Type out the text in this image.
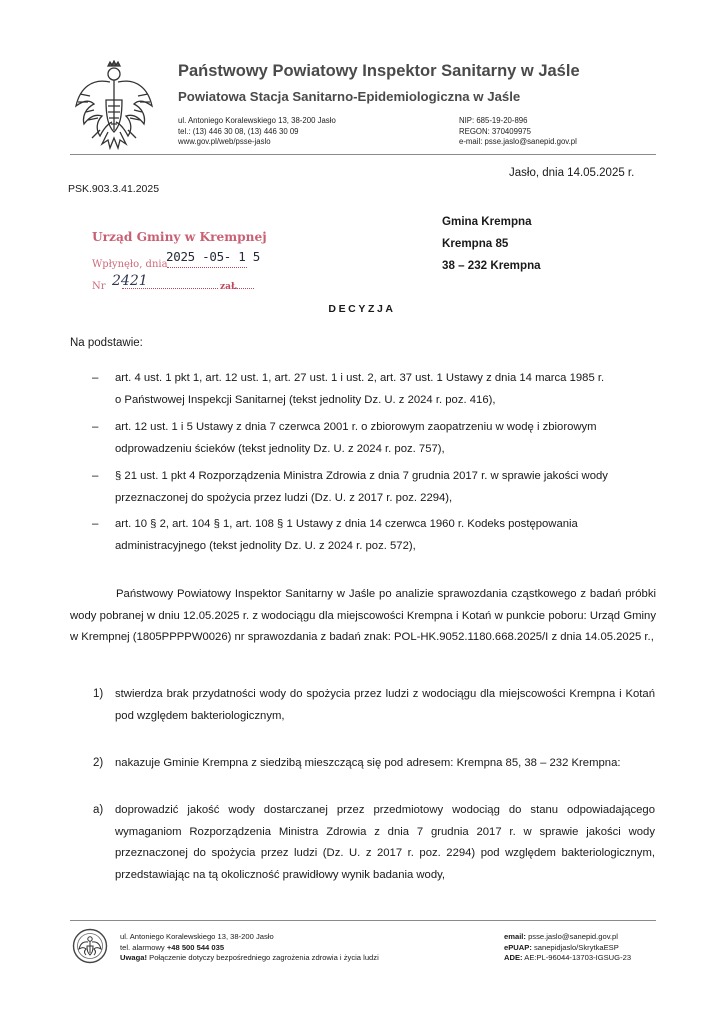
Państwowy Powiatowy Inspektor Sanitarny w Jaśle
Powiatowa Stacja Sanitarno-Epidemiologiczna w Jaśle
ul. Antoniego Koralewskiego 13, 38-200 Jasło
tel.: (13) 446 30 08, (13) 446 30 09
www.gov.pl/web/psse-jaslo
NIP: 685-19-20-896
REGON: 370409975
e-mail: psse.jaslo@sanepid.gov.pl
Jasło, dnia 14.05.2025 r.
PSK.903.3.41.2025
Gmina Krempna
Krempna 85
38 – 232 Krempna
Urząd Gminy w Krempnej
2025 -05- 1 5
Wpłynęło, dnia
Nr 2421	zał.
DECYZJA
Na podstawie:
– art. 4 ust. 1 pkt 1, art. 12 ust. 1, art. 27 ust. 1 i ust. 2, art. 37 ust. 1 Ustawy z dnia 14 marca 1985 r.
o Państwowej Inspekcji Sanitarnej (tekst jednolity Dz. U. z 2024 r. poz. 416),
– art. 12 ust. 1 i 5 Ustawy z dnia 7 czerwca 2001 r. o zbiorowym zaopatrzeniu w wodę i zbiorowym
odprowadzeniu ścieków (tekst jednolity Dz. U. z 2024 r. poz. 757),
– § 21 ust. 1 pkt 4 Rozporządzenia Ministra Zdrowia z dnia 7 grudnia 2017 r. w sprawie jakości wody
przeznaczonej do spożycia przez ludzi (Dz. U. z 2017 r. poz. 2294),
– art. 10 § 2, art. 104 § 1, art. 108 § 1 Ustawy z dnia 14 czerwca 1960 r. Kodeks postępowania
administracyjnego (tekst jednolity Dz. U. z 2024 r. poz. 572),
Państwowy Powiatowy Inspektor Sanitarny w Jaśle po analizie sprawozdania cząstkowego z badań próbki wody pobranej w dniu 12.05.2025 r. z wodociągu dla miejscowości Krempna i Kotań w punkcie poboru: Urząd Gminy w Krempnej (1805PPPPW0026) nr sprawozdania z badań znak: POL-HK.9052.1180.668.2025/I z dnia 14.05.2025 r.,
1) stwierdza brak przydatności wody do spożycia przez ludzi z wodociągu dla miejscowości Krempna i Kotań pod względem bakteriologicznym,
2) nakazuje Gminie Krempna z siedzibą mieszczącą się pod adresem: Krempna 85, 38 – 232 Krempna:
a) doprowadzić jakość wody dostarczanej przez przedmiotowy wodociąg do stanu odpowiadającego wymaganiom Rozporządzenia Ministra Zdrowia z dnia 7 grudnia 2017 r. w sprawie jakości wody przeznaczonej do spożycia przez ludzi (Dz. U. z 2017 r. poz. 2294) pod względem bakteriologicznym, przedstawiając na tą okoliczność prawidłowy wynik badania wody,
ul. Antoniego Koralewskiego 13, 38-200 Jasło
tel. alarmowy +48 500 544 035
Uwaga! Połączenie dotyczy bezpośredniego zagrożenia zdrowia i życia ludzi
email: psse.jaslo@sanepid.gov.pl
ePUAP: sanepidjaslo/SkrytkaESP
ADE: AE:PL-96044-13703-IGSUG-23
